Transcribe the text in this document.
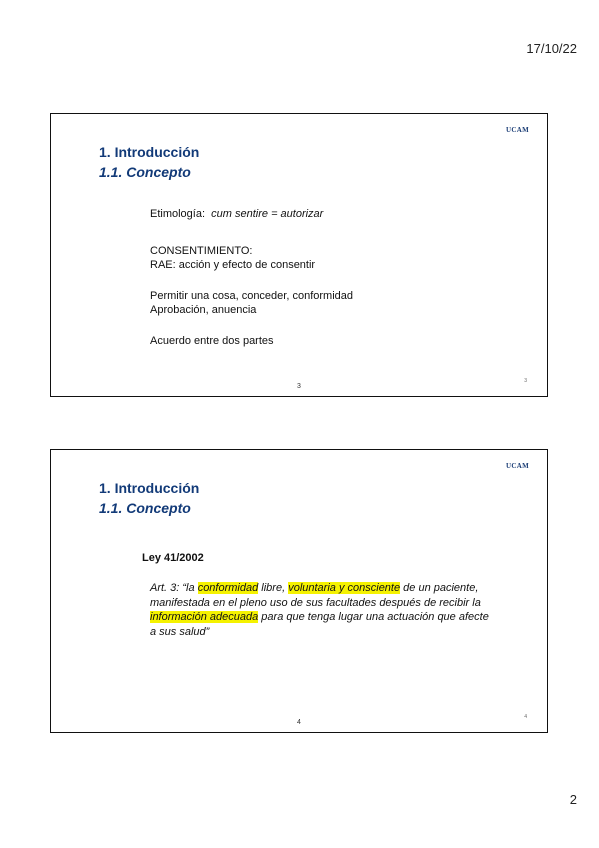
17/10/22
UCAM
1. Introducción
1.1. Concepto
Etimología: cum sentire = autorizar
CONSENTIMIENTO:
RAE: acción y efecto de consentir
Permitir una cosa, conceder, conformidad
Aprobación, anuencia
Acuerdo entre dos partes
3
3
UCAM
1. Introducción
1.1. Concepto
Ley 41/2002
Art. 3: “la conformidad libre, voluntaria y consciente de un paciente, manifestada en el pleno uso de sus facultades después de recibir la información adecuada para que tenga lugar una actuación que afecte a sus salud”
4
4
2
